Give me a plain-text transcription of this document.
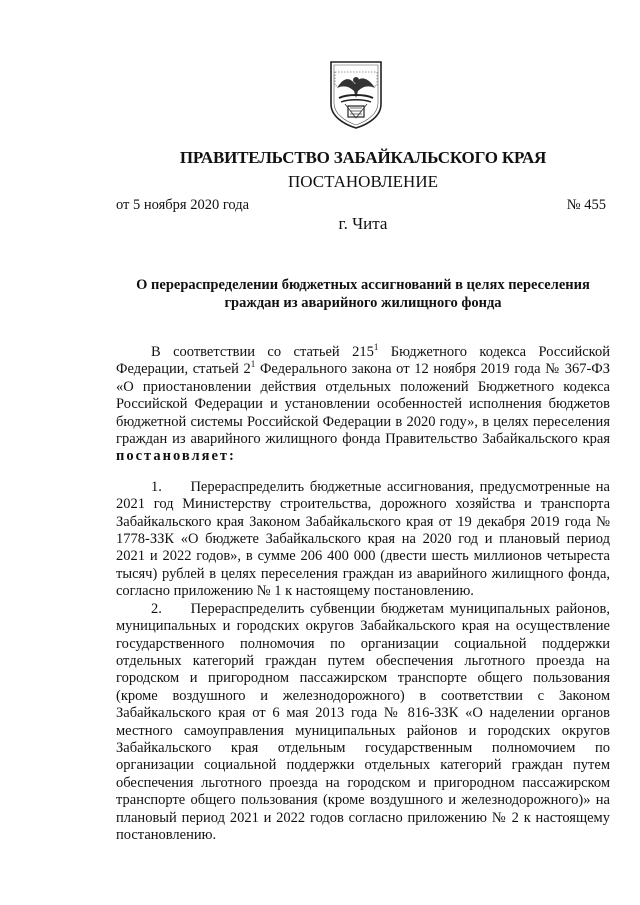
ПРАВИТЕЛЬСТВО ЗАБАЙКАЛЬСКОГО КРАЯ
ПОСТАНОВЛЕНИЕ
от 5 ноября 2020 года	№ 455
г. Чита
О перераспределении бюджетных ассигнований в целях переселения
граждан из аварийного жилищного фонда

В соответствии со статьей $215^1$ Бюджетного кодекса Российской Федерации, статьей $2^1$ Федерального закона от 12 ноября 2019 года № 367-ФЗ «О приостановлении действия отдельных положений Бюджетного кодекса Российской Федерации и установлении особенностей исполнения бюджетов бюджетной системы Российской Федерации в 2020 году», в целях переселения граждан из аварийного жилищного фонда Правительство Забайкальского края постановляет:

1.     Перераспределить бюджетные ассигнования, предусмотренные на 2021 год Министерству строительства, дорожного хозяйства и транспорта Забайкальского края Законом Забайкальского края от 19 декабря 2019 года № 1778-ЗЗК «О бюджете Забайкальского края на 2020 год и плановый период 2021 и 2022 годов», в сумме 206 400 000 (двести шесть миллионов четыреста тысяч) рублей в целях переселения граждан из аварийного жилищного фонда, согласно приложению № 1 к настоящему постановлению.

2.     Перераспределить субвенции бюджетам муниципальных районов, муниципальных и городских округов Забайкальского края на осуществление государственного полномочия по организации социальной поддержки отдельных категорий граждан путем обеспечения льготного проезда на городском и пригородном пассажирском транспорте общего пользования (кроме воздушного и железнодорожного) в соответствии с Законом Забайкальского края от 6 мая 2013 года № 816-ЗЗК «О наделении органов местного самоуправления муниципальных районов и городских округов Забайкальского края отдельным государственным полномочием по организации социальной поддержки отдельных категорий граждан путем обеспечения льготного проезда на городском и пригородном пассажирском транспорте общего пользования (кроме воздушного и железнодорожного)» на плановый период 2021 и 2022 годов согласно приложению № 2 к настоящему постановлению.
